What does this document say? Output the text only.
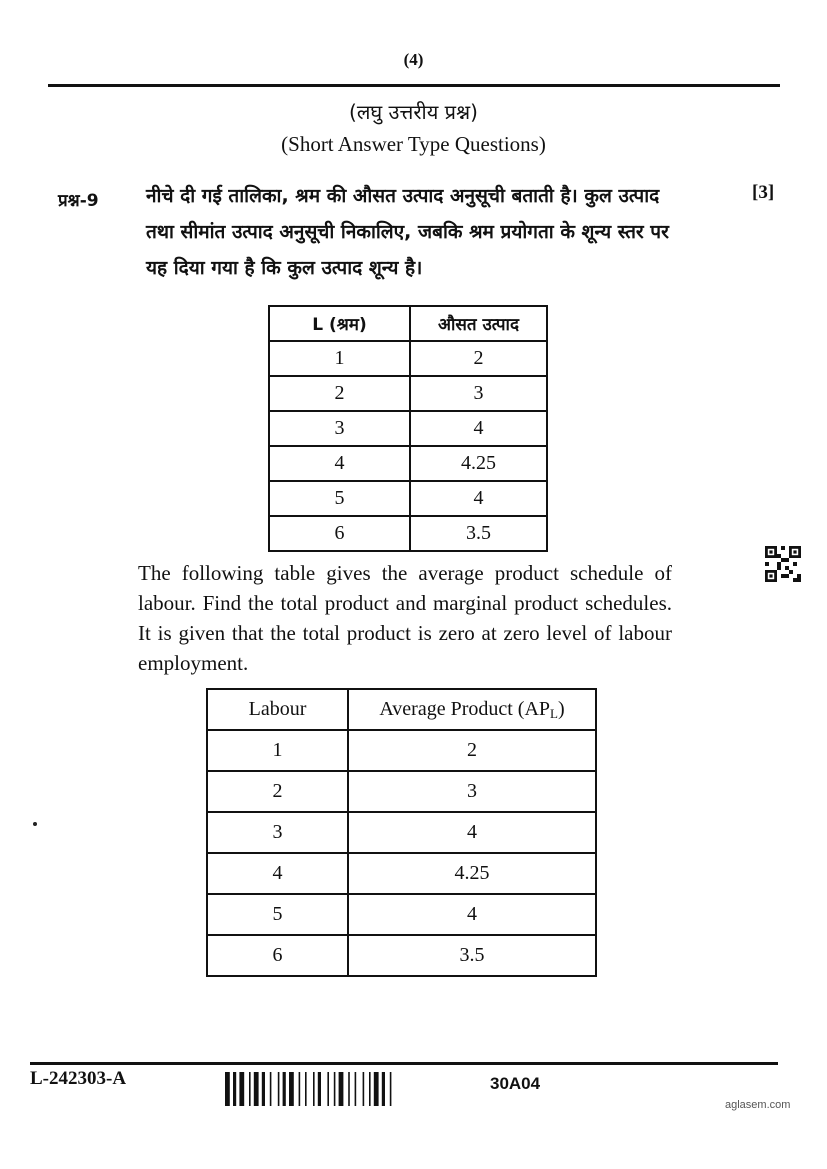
(4)
(लघु उत्तरीय प्रश्न)
(Short Answer Type Questions)
प्रश्न-9	[3]
नीचे दी गई तालिका, श्रम की औसत उत्पाद अनुसूची बताती है। कुल उत्पाद तथा सीमांत उत्पाद अनुसूची निकालिए, जबकि श्रम प्रयोगता के शून्य स्तर पर यह दिया गया है कि कुल उत्पाद शून्य है।
L (श्रम)	औसत उत्पाद
1	2
2	3
3	4
4	4.25
5	4
6	3.5
The following table gives the average product schedule of labour. Find the total product and marginal product schedules. It is given that the total product is zero at zero level of labour employment.
Labour	Average Product $(AP_L)$
1	2
2	3
3	4
4	4.25
5	4
6	3.5
L-242303-A	30A04
aglasem.com
